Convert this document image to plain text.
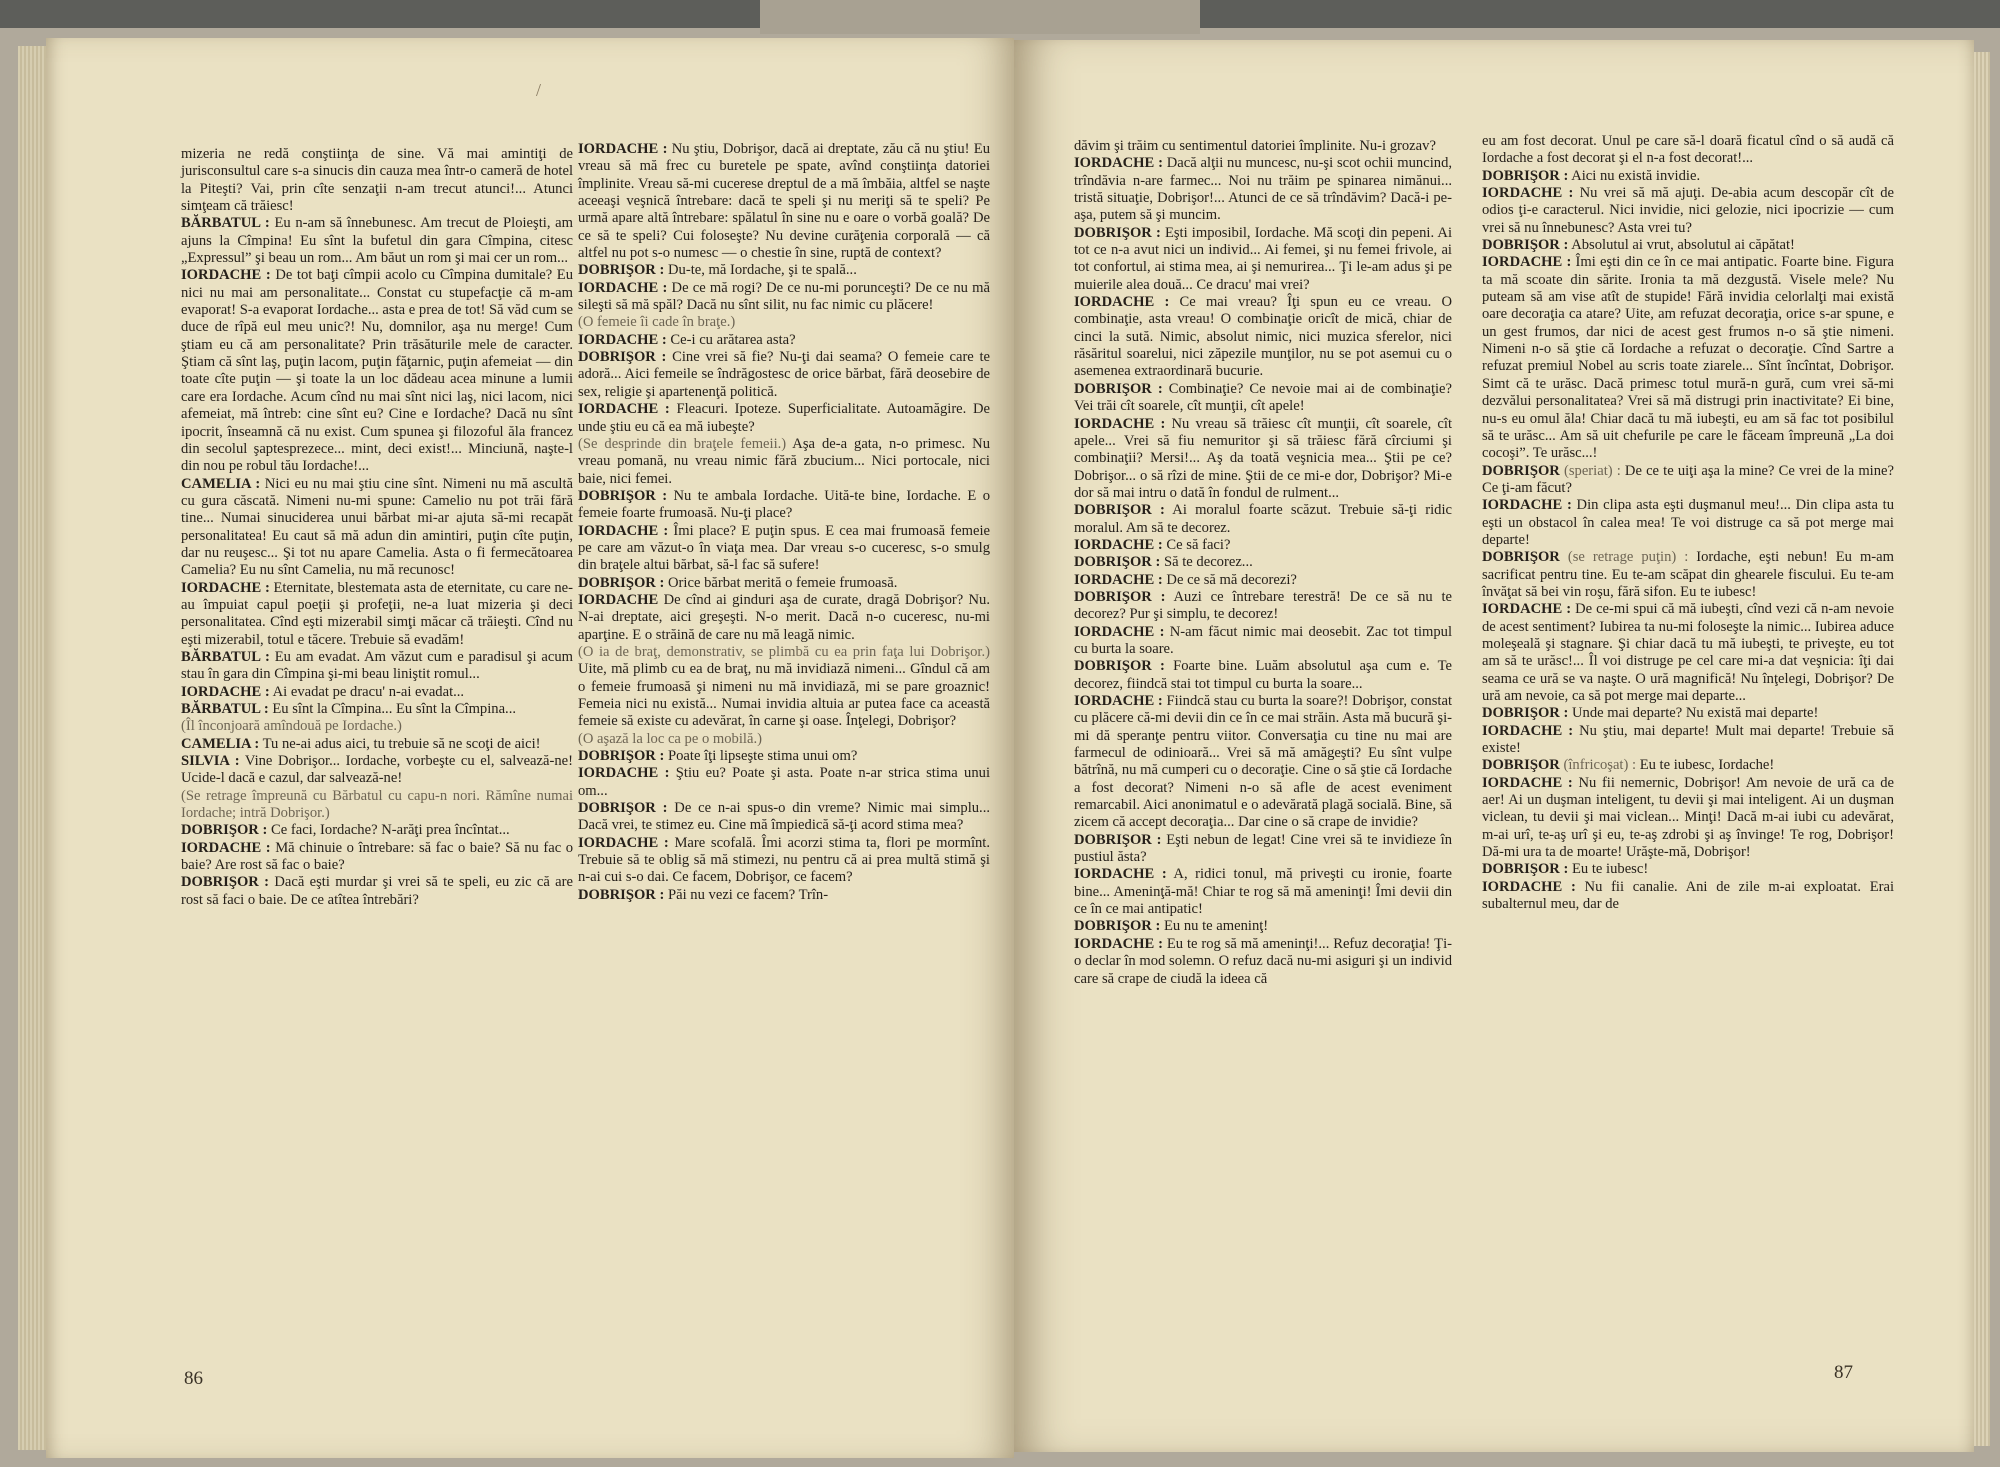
/

mizeria ne redă conştiinţa de sine. Vă mai amintiţi de jurisconsultul care s-a sinucis din cauza mea într-o cameră de hotel la Piteşti? Vai, prin cîte senzaţii n-am trecut atunci!... Atunci simţeam că trăiesc!

BĂRBATUL : Eu n-am să înnebunesc. Am trecut de Ploieşti, am ajuns la Cîmpina! Eu sînt la bufetul din gara Cîmpina, citesc „Expressul” şi beau un rom... Am băut un rom şi mai cer un rom...

IORDACHE : De tot baţi cîmpii acolo cu Cîmpina dumitale? Eu nici nu mai am personalitate... Constat cu stupefacţie că m-am evaporat! S-a evaporat Iordache... asta e prea de tot! Să văd cum se duce de rîpă eul meu unic?! Nu, domnilor, aşa nu merge! Cum ştiam eu că am personalitate? Prin trăsăturile mele de caracter. Ştiam că sînt laş, puţin lacom, puţin făţarnic, puţin afemeiat — din toate cîte puţin — şi toate la un loc dădeau acea minune a lumii care era Iordache. Acum cînd nu mai sînt nici laş, nici lacom, nici afemeiat, mă întreb: cine sînt eu? Cine e Iordache? Dacă nu sînt ipocrit, înseamnă că nu exist. Cum spunea şi filozoful ăla francez din secolul şaptesprezece... mint, deci exist!... Minciună, naşte-l din nou pe robul tău Iordache!...

CAMELIA : Nici eu nu mai ştiu cine sînt. Nimeni nu mă ascultă cu gura căscată. Nimeni nu-mi spune: Camelio nu pot trăi fără tine... Numai sinuciderea unui bărbat mi-ar ajuta să-mi recapăt personalitatea! Eu caut să mă adun din amintiri, puţin cîte puţin, dar nu reuşesc... Şi tot nu apare Camelia. Asta o fi fermecătoarea Camelia? Eu nu sînt Camelia, nu mă recunosc!

IORDACHE : Eternitate, blestemata asta de eternitate, cu care ne-au împuiat capul poeţii şi profeţii, ne-a luat mizeria şi deci personalitatea. Cînd eşti mizerabil simţi măcar că trăieşti. Cînd nu eşti mizerabil, totul e tăcere. Trebuie să evadăm!

BĂRBATUL : Eu am evadat. Am văzut cum e paradisul şi acum stau în gara din Cîmpina şi-mi beau liniştit romul...

IORDACHE : Ai evadat pe dracu' n-ai evadat...

BĂRBATUL : Eu sînt la Cîmpina... Eu sînt la Cîmpina...

(Îl înconjoară amîndouă pe Iordache.)

CAMELIA : Tu ne-ai adus aici, tu trebuie să ne scoţi de aici!

SILVIA : Vine Dobrişor... Iordache, vorbeşte cu el, salvează-ne! Ucide-l dacă e cazul, dar salvează-ne!

(Se retrage împreună cu Bărbatul cu capu-n nori. Rămîne numai Iordache; intră Dobrişor.)

DOBRIŞOR : Ce faci, Iordache? N-arăţi prea încîntat...

IORDACHE : Mă chinuie o întrebare: să fac o baie? Să nu fac o baie? Are rost să fac o baie?

DOBRIŞOR : Dacă eşti murdar şi vrei să te speli, eu zic că are rost să faci o baie. De ce atîtea întrebări?

IORDACHE : Nu ştiu, Dobrişor, dacă ai dreptate, zău că nu ştiu! Eu vreau să mă frec cu buretele pe spate, avînd conştiinţa datoriei împlinite. Vreau să-mi cucerese dreptul de a mă îmbăia, altfel se naşte aceeaşi veşnică întrebare: dacă te speli şi nu meriţi să te speli? Pe urmă apare altă întrebare: spălatul în sine nu e oare o vorbă goală? De ce să te speli? Cui foloseşte? Nu devine curăţenia corporală — că altfel nu pot s-o numesc — o chestie în sine, ruptă de context?

DOBRIŞOR : Du-te, mă Iordache, şi te spală...

IORDACHE : De ce mă rogi? De ce nu-mi porunceşti? De ce nu mă sileşti să mă spăl? Dacă nu sînt silit, nu fac nimic cu plăcere!

(O femeie îi cade în braţe.)

IORDACHE : Ce-i cu arătarea asta?

DOBRIŞOR : Cine vrei să fie? Nu-ţi dai seama? O femeie care te adoră... Aici femeile se îndrăgostesc de orice bărbat, fără deosebire de sex, religie şi apartenenţă politică.

IORDACHE : Fleacuri. Ipoteze. Superficialitate. Autoamăgire. De unde ştiu eu că ea mă iubeşte?

(Se desprinde din braţele femeii.) Aşa de-a gata, n-o primesc. Nu vreau pomană, nu vreau nimic fără zbucium... Nici portocale, nici baie, nici femei.

DOBRIŞOR : Nu te ambala Iordache. Uită-te bine, Iordache. E o femeie foarte frumoasă. Nu-ţi place?

IORDACHE : Îmi place? E puţin spus. E cea mai frumoasă femeie pe care am văzut-o în viaţa mea. Dar vreau s-o cuceresc, s-o smulg din braţele altui bărbat, să-l fac să sufere!

DOBRIŞOR : Orice bărbat merită o femeie frumoasă.

IORDACHE De cînd ai ginduri aşa de curate, dragă Dobrişor? Nu. N-ai dreptate, aici greşeşti. N-o merit. Dacă n-o cuceresc, nu-mi aparţine. E o străină de care nu mă leagă nimic.

(O ia de braţ, demonstrativ, se plimbă cu ea prin faţa lui Dobrişor.) Uite, mă plimb cu ea de braţ, nu mă invidiază nimeni... Gîndul că am o femeie frumoasă şi nimeni nu mă invidiază, mi se pare groaznic! Femeia nici nu există... Numai invidia altuia ar putea face ca această femeie să existe cu adevărat, în carne şi oase. Înţelegi, Dobrişor?

(O aşază la loc ca pe o mobilă.)

DOBRIŞOR : Poate îţi lipseşte stima unui om?

IORDACHE : Ştiu eu? Poate şi asta. Poate n-ar strica stima unui om...

DOBRIŞOR : De ce n-ai spus-o din vreme? Nimic mai simplu... Dacă vrei, te stimez eu. Cine mă împiedică să-ţi acord stima mea?

IORDACHE : Mare scofală. Îmi acorzi stima ta, flori pe mormînt. Trebuie să te oblig să mă stimezi, nu pentru că ai prea multă stimă şi n-ai cui s-o dai. Ce facem, Dobrişor, ce facem?

DOBRIŞOR : Păi nu vezi ce facem? Trîn-

86

dăvim şi trăim cu sentimentul datoriei împlinite. Nu-i grozav?

IORDACHE : Dacă alţii nu muncesc, nu-şi scot ochii muncind, trîndăvia n-are farmec... Noi nu trăim pe spinarea nimănui... tristă situaţie, Dobrişor!... Atunci de ce să trîndăvim? Dacă-i pe-aşa, putem să şi muncim.

DOBRIŞOR : Eşti imposibil, Iordache. Mă scoţi din pepeni. Ai tot ce n-a avut nici un individ... Ai femei, şi nu femei frivole, ai tot confortul, ai stima mea, ai şi nemurirea... Ţi le-am adus şi pe muierile alea două... Ce dracu' mai vrei?

IORDACHE : Ce mai vreau? Îţi spun eu ce vreau. O combinaţie, asta vreau! O combinaţie oricît de mică, chiar de cinci la sută. Nimic, absolut nimic, nici muzica sferelor, nici răsăritul soarelui, nici zăpezile munţilor, nu se pot asemui cu o asemenea extraordinară bucurie.

DOBRIŞOR : Combinaţie? Ce nevoie mai ai de combinaţie? Vei trăi cît soarele, cît munţii, cît apele!

IORDACHE : Nu vreau să trăiesc cît munţii, cît soarele, cît apele... Vrei să fiu nemuritor şi să trăiesc fără cîrciumi şi combinaţii? Mersi!... Aş da toată veşnicia mea... Ştii pe ce? Dobrişor... o să rîzi de mine. Ştii de ce mi-e dor, Dobrişor? Mi-e dor să mai intru o dată în fondul de rulment...

DOBRIŞOR : Ai moralul foarte scăzut. Trebuie să-ţi ridic moralul. Am să te decorez.

IORDACHE : Ce să faci?

DOBRIŞOR : Să te decorez...

IORDACHE : De ce să mă decorezi?

DOBRIŞOR : Auzi ce întrebare terestră! De ce să nu te decorez? Pur şi simplu, te decorez!

IORDACHE : N-am făcut nimic mai deosebit. Zac tot timpul cu burta la soare.

DOBRIŞOR : Foarte bine. Luăm absolutul aşa cum e. Te decorez, fiindcă stai tot timpul cu burta la soare...

IORDACHE : Fiindcă stau cu burta la soare?! Dobrişor, constat cu plăcere că-mi devii din ce în ce mai străin. Asta mă bucură şi-mi dă speranţe pentru viitor. Conversaţia cu tine nu mai are farmecul de odinioară... Vrei să mă amăgeşti? Eu sînt vulpe bătrînă, nu mă cumperi cu o decoraţie. Cine o să ştie că Iordache a fost decorat? Nimeni n-o să afle de acest eveniment remarcabil. Aici anonimatul e o adevărată plagă socială. Bine, să zicem că accept decoraţia... Dar cine o să crape de invidie?

DOBRIŞOR : Eşti nebun de legat! Cine vrei să te invidieze în pustiul ăsta?

IORDACHE : A, ridici tonul, mă priveşti cu ironie, foarte bine... Ameninţă-mă! Chiar te rog să mă ameninţi! Îmi devii din ce în ce mai antipatic!

DOBRIŞOR : Eu nu te ameninţ!

IORDACHE : Eu te rog să mă ameninţi!... Refuz decoraţia! Ţi-o declar în mod solemn. O refuz dacă nu-mi asiguri şi un individ care să crape de ciudă la ideea că

eu am fost decorat. Unul pe care să-l doară ficatul cînd o să audă că Iordache a fost decorat şi el n-a fost decorat!...

DOBRIŞOR : Aici nu există invidie.

IORDACHE : Nu vrei să mă ajuţi. De-abia acum descopăr cît de odios ţi-e caracterul. Nici invidie, nici gelozie, nici ipocrizie — cum vrei să nu înnebunesc? Asta vrei tu?

DOBRIŞOR : Absolutul ai vrut, absolutul ai căpătat!

IORDACHE : Îmi eşti din ce în ce mai antipatic. Foarte bine. Figura ta mă scoate din sărite. Ironia ta mă dezgustă. Visele mele? Nu puteam să am vise atît de stupide! Fără invidia celorlalţi mai există oare decoraţia ca atare? Uite, am refuzat decoraţia, orice s-ar spune, e un gest frumos, dar nici de acest gest frumos n-o să ştie nimeni. Nimeni n-o să ştie că Iordache a refuzat o decoraţie. Cînd Sartre a refuzat premiul Nobel au scris toate ziarele... Sînt încîntat, Dobrişor. Simt că te urăsc. Dacă primesc totul mură-n gură, cum vrei să-mi dezvălui personalitatea? Vrei să mă distrugi prin inactivitate? Ei bine, nu-s eu omul ăla! Chiar dacă tu mă iubeşti, eu am să fac tot posibilul să te urăsc... Am să uit chefurile pe care le făceam împreună „La doi cocoşi”. Te urăsc...!

DOBRIŞOR (speriat) : De ce te uiţi aşa la mine? Ce vrei de la mine? Ce ţi-am făcut?

IORDACHE : Din clipa asta eşti duşmanul meu!... Din clipa asta tu eşti un obstacol în calea mea! Te voi distruge ca să pot merge mai departe!

DOBRIŞOR (se retrage puţin) : Iordache, eşti nebun! Eu m-am sacrificat pentru tine. Eu te-am scăpat din ghearele fiscului. Eu te-am învăţat să bei vin roşu, fără sifon. Eu te iubesc!

IORDACHE : De ce-mi spui că mă iubeşti, cînd vezi că n-am nevoie de acest sentiment? Iubirea ta nu-mi foloseşte la nimic... Iubirea aduce moleşeală şi stagnare. Şi chiar dacă tu mă iubeşti, te priveşte, eu tot am să te urăsc!... Îl voi distruge pe cel care mi-a dat veşnicia: îţi dai seama ce ură se va naşte. O ură magnifică! Nu înţelegi, Dobrişor? De ură am nevoie, ca să pot merge mai departe...

DOBRIŞOR : Unde mai departe? Nu există mai departe!

IORDACHE : Nu ştiu, mai departe! Mult mai departe! Trebuie să existe!

DOBRIŞOR (înfricoşat) : Eu te iubesc, Iordache!

IORDACHE : Nu fii nemernic, Dobrişor! Am nevoie de ură ca de aer! Ai un duşman inteligent, tu devii şi mai inteligent. Ai un duşman viclean, tu devii şi mai viclean... Minţi! Dacă m-ai iubi cu adevărat, m-ai urî, te-aş urî şi eu, te-aş zdrobi şi aş învinge! Te rog, Dobrişor! Dă-mi ura ta de moarte! Urăşte-mă, Dobrişor!

DOBRIŞOR : Eu te iubesc!

IORDACHE : Nu fii canalie. Ani de zile m-ai exploatat. Erai subalternul meu, dar de

87
